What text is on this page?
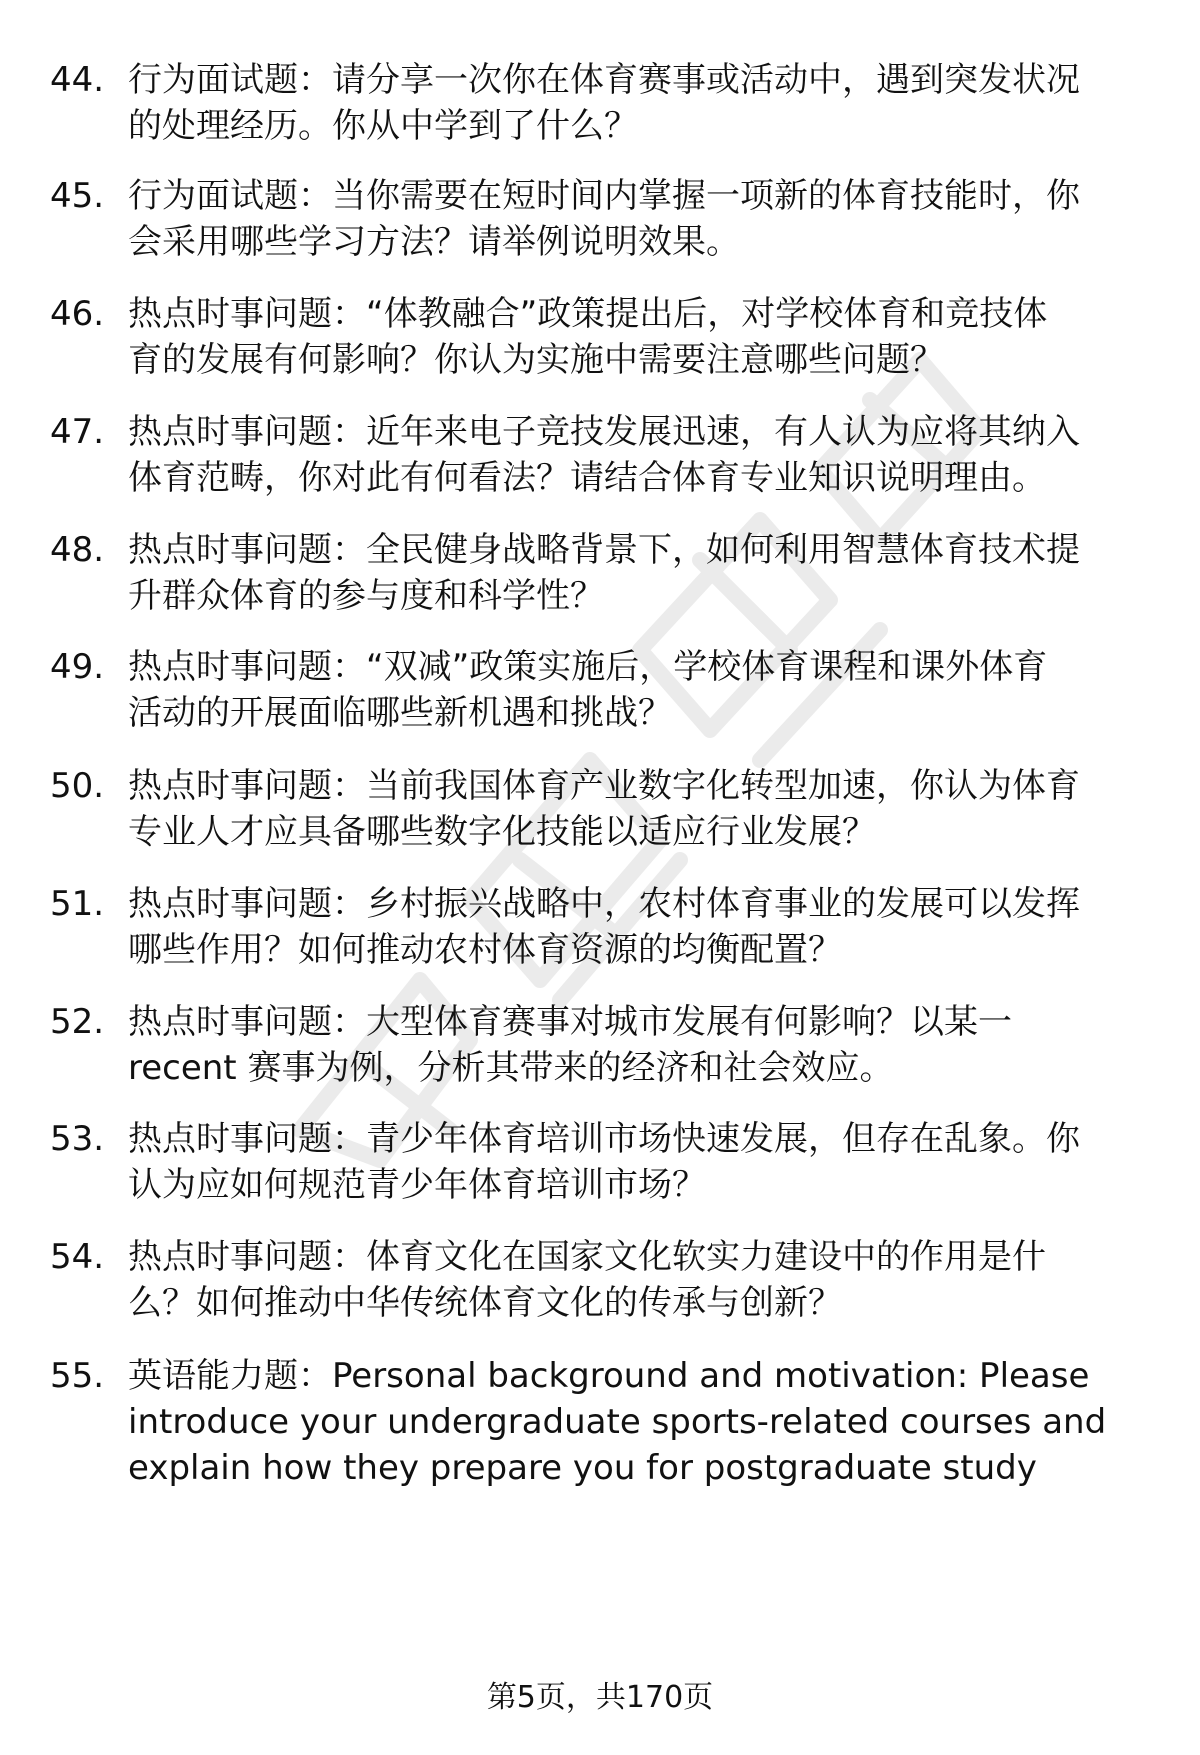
44. 行为面试题：请分享一次你在体育赛事或活动中，遇到突发状况
的处理经历。你从中学到了什么？
45. 行为面试题：当你需要在短时间内掌握一项新的体育技能时，你
会采用哪些学习方法？请举例说明效果。
46. 热点时事问题：“体教融合”政策提出后，对学校体育和竞技体
育的发展有何影响？你认为实施中需要注意哪些问题？
47. 热点时事问题：近年来电子竞技发展迅速，有人认为应将其纳入
体育范畴，你对此有何看法？请结合体育专业知识说明理由。
48. 热点时事问题：全民健身战略背景下，如何利用智慧体育技术提
升群众体育的参与度和科学性？
49. 热点时事问题：“双减”政策实施后，学校体育课程和课外体育
活动的开展面临哪些新机遇和挑战？
50. 热点时事问题：当前我国体育产业数字化转型加速，你认为体育
专业人才应具备哪些数字化技能以适应行业发展？
51. 热点时事问题：乡村振兴战略中，农村体育事业的发展可以发挥
哪些作用？如何推动农村体育资源的均衡配置？
52. 热点时事问题：大型体育赛事对城市发展有何影响？以某一
recent 赛事为例，分析其带来的经济和社会效应。
53. 热点时事问题：青少年体育培训市场快速发展，但存在乱象。你
认为应如何规范青少年体育培训市场？
54. 热点时事问题：体育文化在国家文化软实力建设中的作用是什
么？如何推动中华传统体育文化的传承与创新？
55. 英语能力题：Personal background and motivation: Please
introduce your undergraduate sports-related courses and
explain how they prepare you for postgraduate study
第5页，共170页
